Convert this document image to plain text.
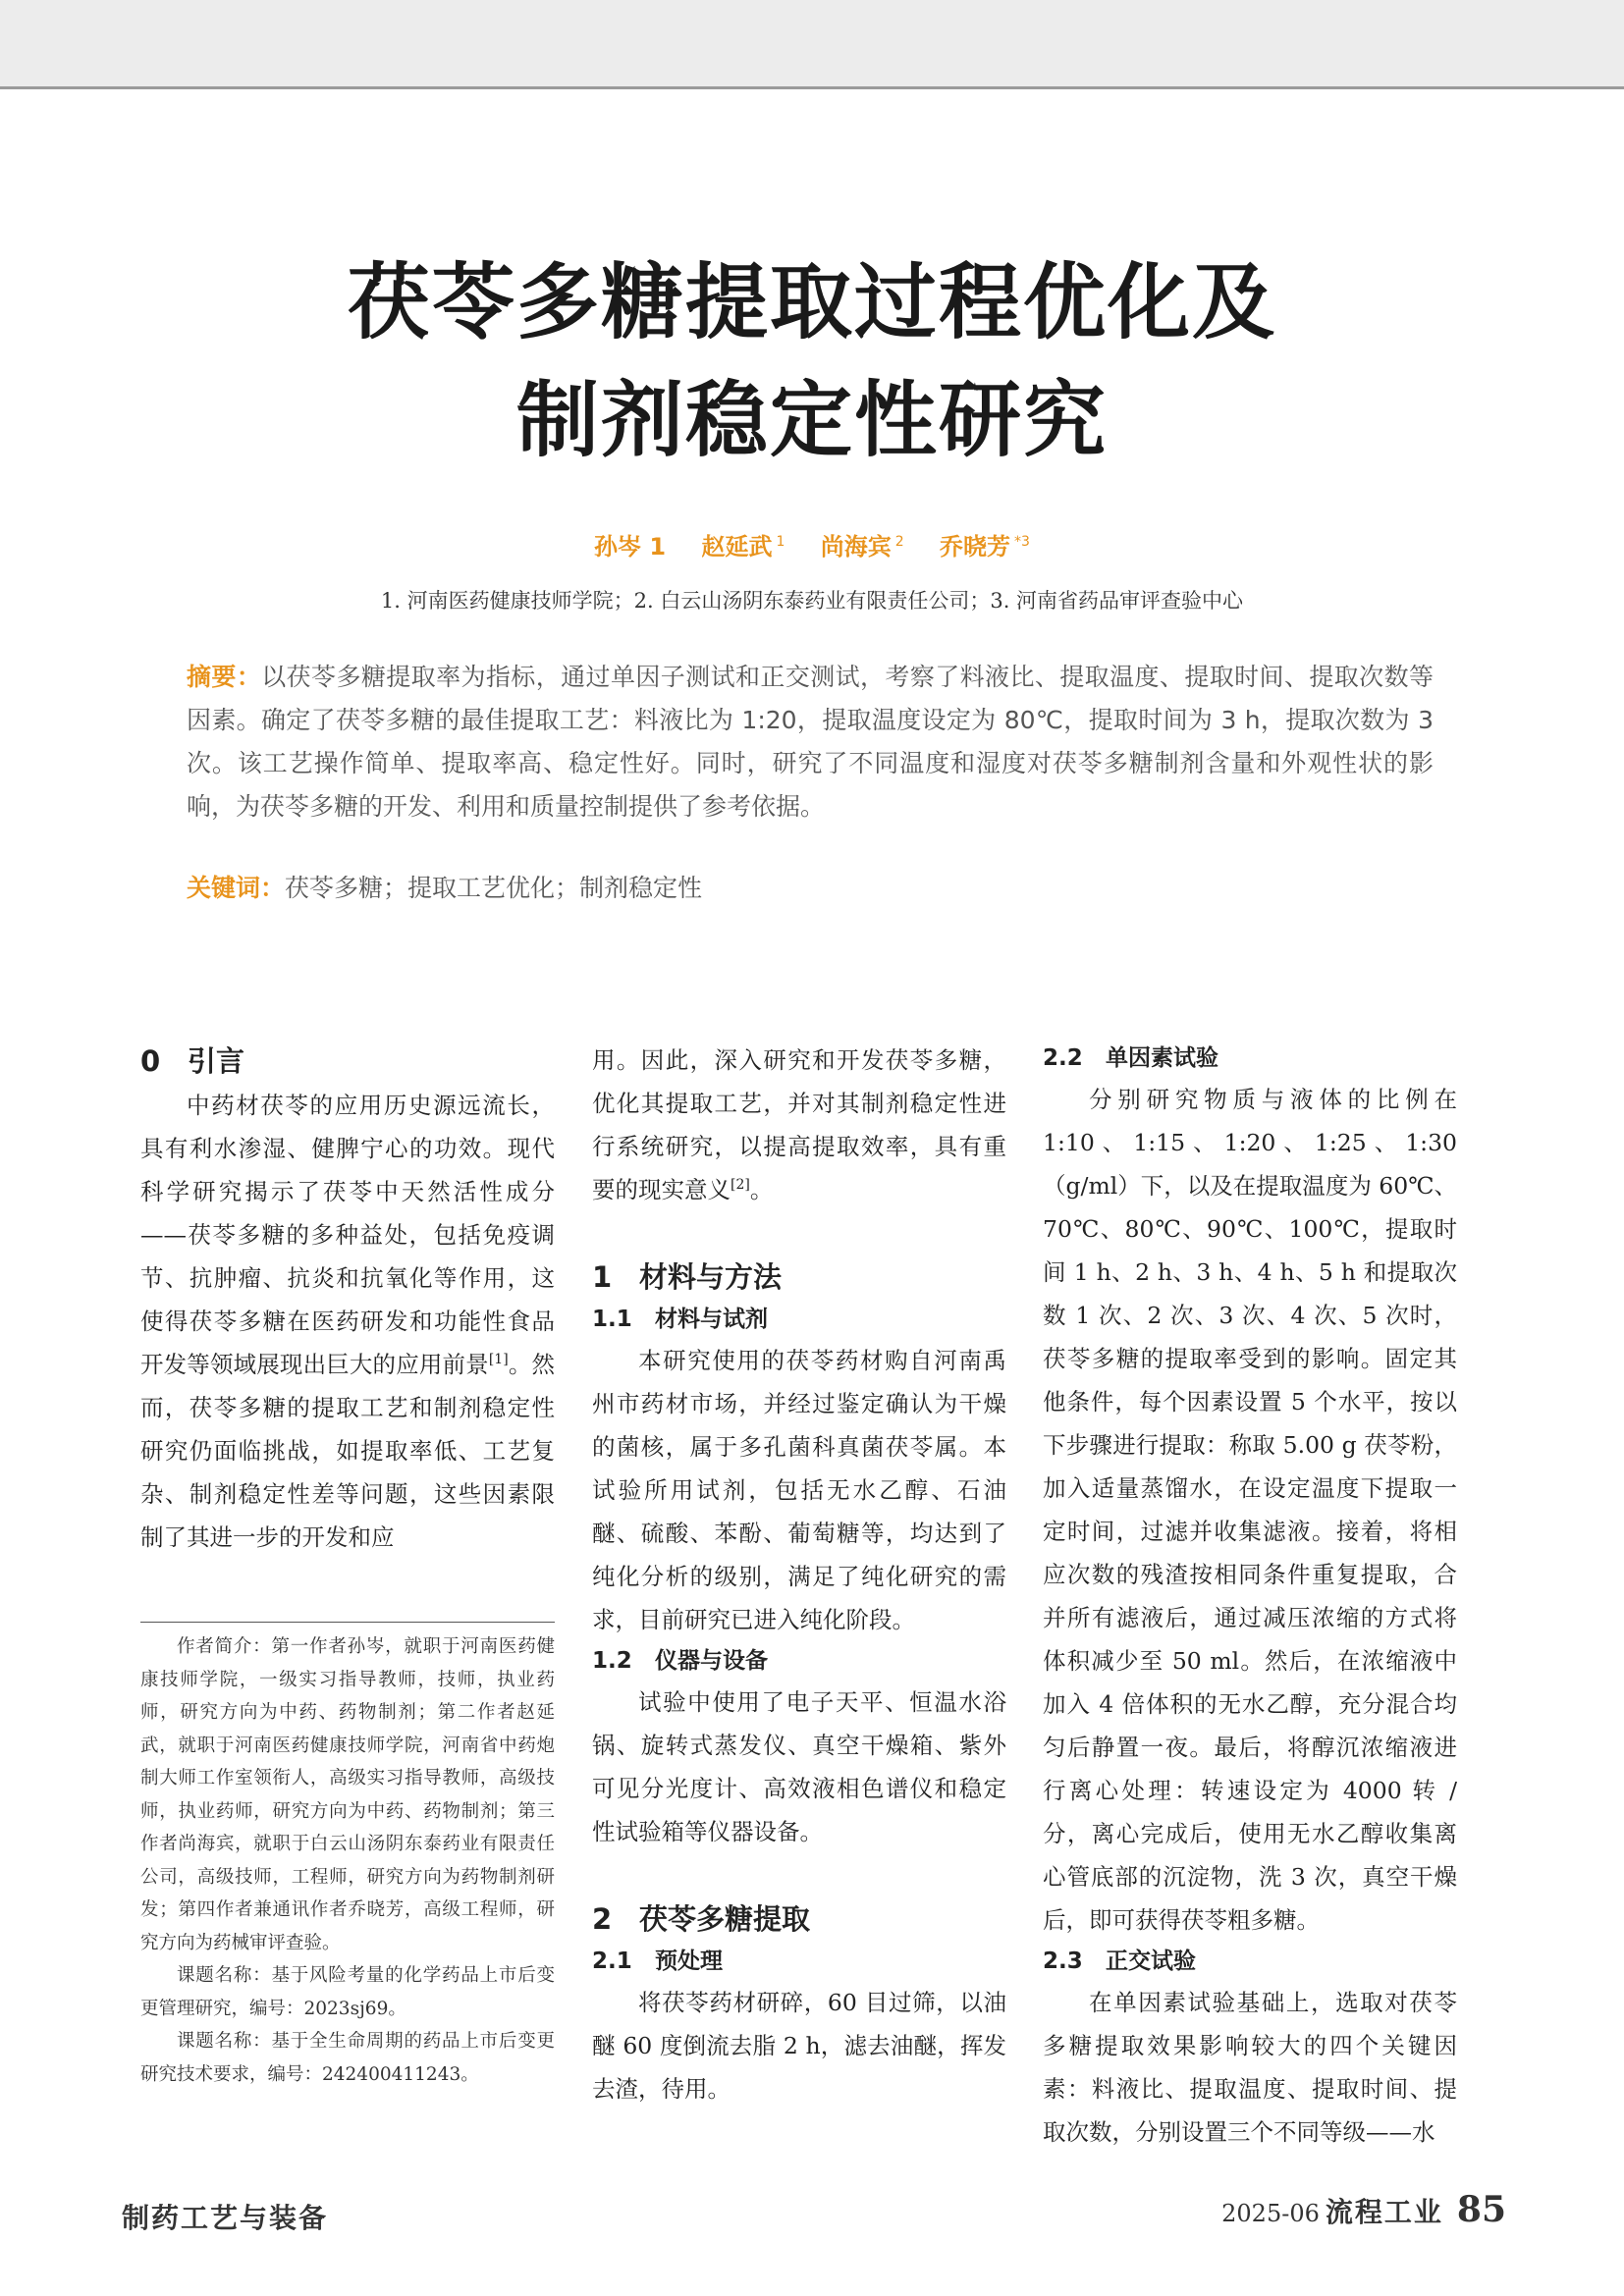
茯苓多糖提取过程优化及
制剂稳定性研究
孙岑 1 赵延武 $^1$ 尚海宾 $^2$ 乔晓芳 $^{*3}$
1. 河南医药健康技师学院；2. 白云山汤阴东泰药业有限责任公司；3. 河南省药品审评查验中心
摘要：以茯苓多糖提取率为指标，通过单因子测试和正交测试，考察了料液比、提取温度、提取时间、提取次数等因素。确定了茯苓多糖的最佳提取工艺：料液比为 1:20，提取温度设定为 80℃，提取时间为 3 h，提取次数为 3 次。该工艺操作简单、提取率高、稳定性好。同时，研究了不同温度和湿度对茯苓多糖制剂含量和外观性状的影响，为茯苓多糖的开发、利用和质量控制提供了参考依据。
关键词：茯苓多糖；提取工艺优化；制剂稳定性
0 引言

中药材茯苓的应用历史源远流长，具有利水渗湿、健脾宁心的功效。现代科学研究揭示了茯苓中天然活性成分——茯苓多糖的多种益处，包括免疫调节、抗肿瘤、抗炎和抗氧化等作用，这使得茯苓多糖在医药研发和功能性食品开发等领域展现出巨大的应用前景[1]。然而，茯苓多糖的提取工艺和制剂稳定性研究仍面临挑战，如提取率低、工艺复杂、制剂稳定性差等问题，这些因素限制了其进一步的开发和应

作者简介：第一作者孙岑，就职于河南医药健康技师学院，一级实习指导教师，技师，执业药师，研究方向为中药、药物制剂；第二作者赵延武，就职于河南医药健康技师学院，河南省中药炮制大师工作室领衔人，高级实习指导教师，高级技师，执业药师，研究方向为中药、药物制剂；第三作者尚海宾，就职于白云山汤阴东泰药业有限责任公司，高级技师，工程师，研究方向为药物制剂研发；第四作者兼通讯作者乔晓芳，高级工程师，研究方向为药械审评查验。

课题名称：基于风险考量的化学药品上市后变更管理研究，编号：2023sj69。

课题名称：基于全生命周期的药品上市后变更研究技术要求，编号：242400411243。

用。因此，深入研究和开发茯苓多糖，优化其提取工艺，并对其制剂稳定性进行系统研究，以提高提取效率，具有重要的现实意义[2]。

1 材料与方法
1.1 材料与试剂

本研究使用的茯苓药材购自河南禹州市药材市场，并经过鉴定确认为干燥的菌核，属于多孔菌科真菌茯苓属。本试验所用试剂，包括无水乙醇、石油醚、硫酸、苯酚、葡萄糖等，均达到了纯化分析的级别，满足了纯化研究的需求，目前研究已进入纯化阶段。

1.2 仪器与设备

试验中使用了电子天平、恒温水浴锅、旋转式蒸发仪、真空干燥箱、紫外可见分光度计、高效液相色谱仪和稳定性试验箱等仪器设备。

2 茯苓多糖提取
2.1 预处理

将茯苓药材研碎，60 目过筛，以油醚 60 度倒流去脂 2 h，滤去油醚，挥发去渣，待用。

2.2 单因素试验

分别研究物质与液体的比例在 1:10、1:15、1:20、1:25、1:30（g/ml）下，以及在提取温度为 60℃、70℃、80℃、90℃、100℃，提取时间 1 h、2 h、3 h、4 h、5 h 和提取次数 1 次、2 次、3 次、4 次、5 次时，茯苓多糖的提取率受到的影响。固定其他条件，每个因素设置 5 个水平，按以下步骤进行提取：称取 5.00 g 茯苓粉，加入适量蒸馏水，在设定温度下提取一定时间，过滤并收集滤液。接着，将相应次数的残渣按相同条件重复提取，合并所有滤液后，通过减压浓缩的方式将体积减少至 50 ml。然后，在浓缩液中加入 4 倍体积的无水乙醇，充分混合均匀后静置一夜。最后，将醇沉浓缩液进行离心处理：转速设定为 4000 转 / 分，离心完成后，使用无水乙醇收集离心管底部的沉淀物，洗 3 次，真空干燥后，即可获得茯苓粗多糖。

2.3 正交试验

在单因素试验基础上，选取对茯苓多糖提取效果影响较大的四个关键因素：料液比、提取温度、提取时间、提取次数，分别设置三个不同等级——水

制药工艺与装备	2025-06 流程工业 85
